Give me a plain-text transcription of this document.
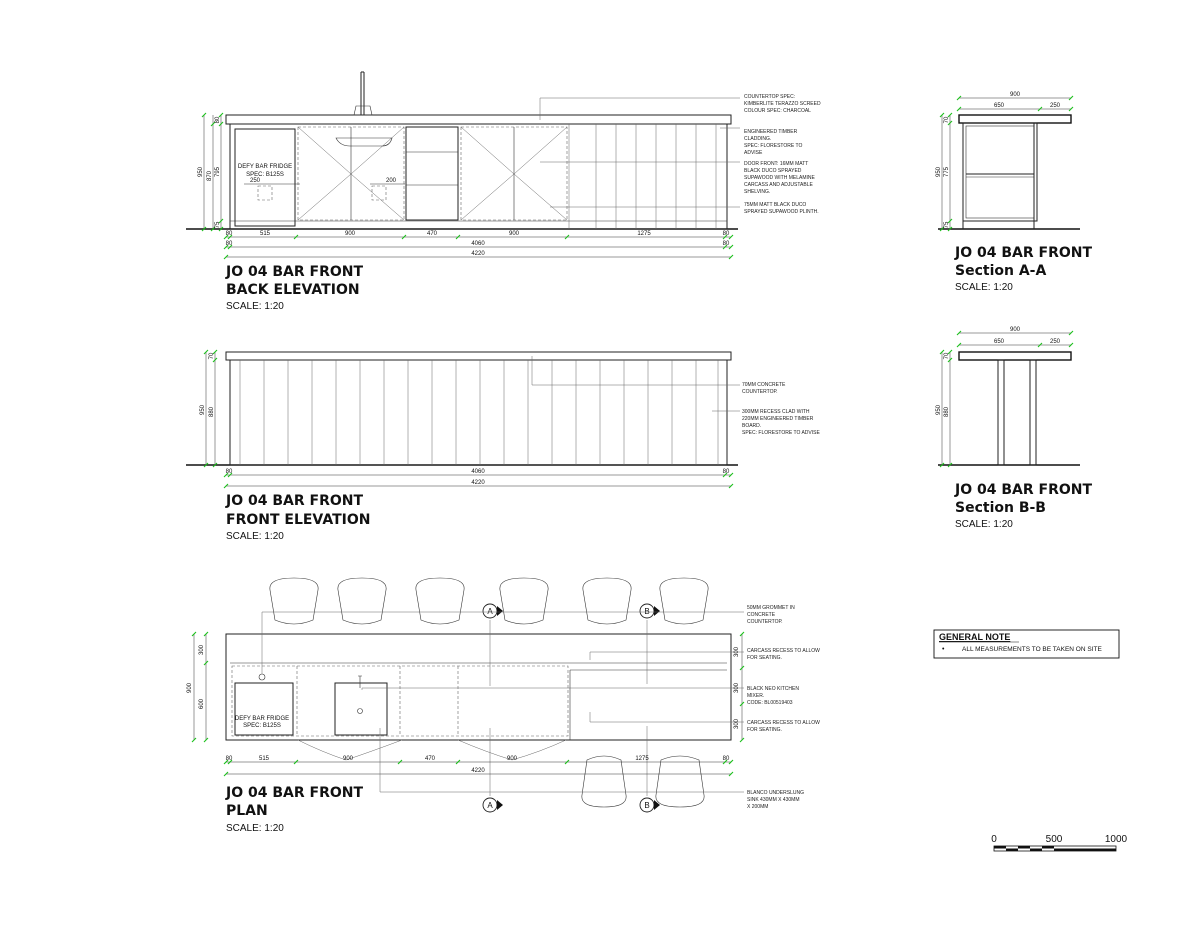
DEFY BAR FRIDGE
SPEC: B125S
250	200
80	515	900	470	900	1275	80
80	4060	80
4220
950 870
80
795
75
COUNTERTOP SPEC: KIMBERLITE TERAZZO SCREED COLOUR SPEC: CHARCOAL
ENGINEERED TIMBER CLADDING. SPEC: FLORESTORE TO ADVISE
DOOR FRONT: 16MM MATT BLACK DUCO SPRAYED SUPAWOOD WITH MELAMINE CARCASS AND ADJUSTABLE SHELVING.
75MM MATT BLACK DUCO SPRAYED SUPAWOOD PLINTH.
JO 04 BAR FRONT
BACK ELEVATION
SCALE: 1:20
80	4060	80
4220
950
70
880
70MM CONCRETE COUNTERTOP.
300MM RECESS CLAD WITH 220MM ENGINEERED TIMBER BOARD. SPEC: FLORESTORE TO ADVISE
JO 04 BAR FRONT
FRONT ELEVATION
SCALE: 1:20
DEFY BAR FRIDGE
SPEC: B125S
A
A
B
B
80	515	900	470	900	1275	80
4220
900
300
600
300
300
300
50MM GROMMET IN CONCRETE COUNTERTOP.
CARCASS RECESS TO ALLOW FOR SEATING.
BLACK NEO KITCHEN MIXER. CODE: BL00519403
CARCASS RECESS TO ALLOW FOR SEATING.
BLANCO UNDERSLUNG SINK 430MM X 430MM X 200MM
JO 04 BAR FRONT
PLAN
SCALE: 1:20
900
650	250
950
70
775
75
JO 04 BAR FRONT
Section A-A
SCALE: 1:20
900
650	250
950
70
880
JO 04 BAR FRONT
Section B-B
SCALE: 1:20
GENERAL NOTE
•	ALL MEASUREMENTS TO BE TAKEN ON SITE
0	500	1000
